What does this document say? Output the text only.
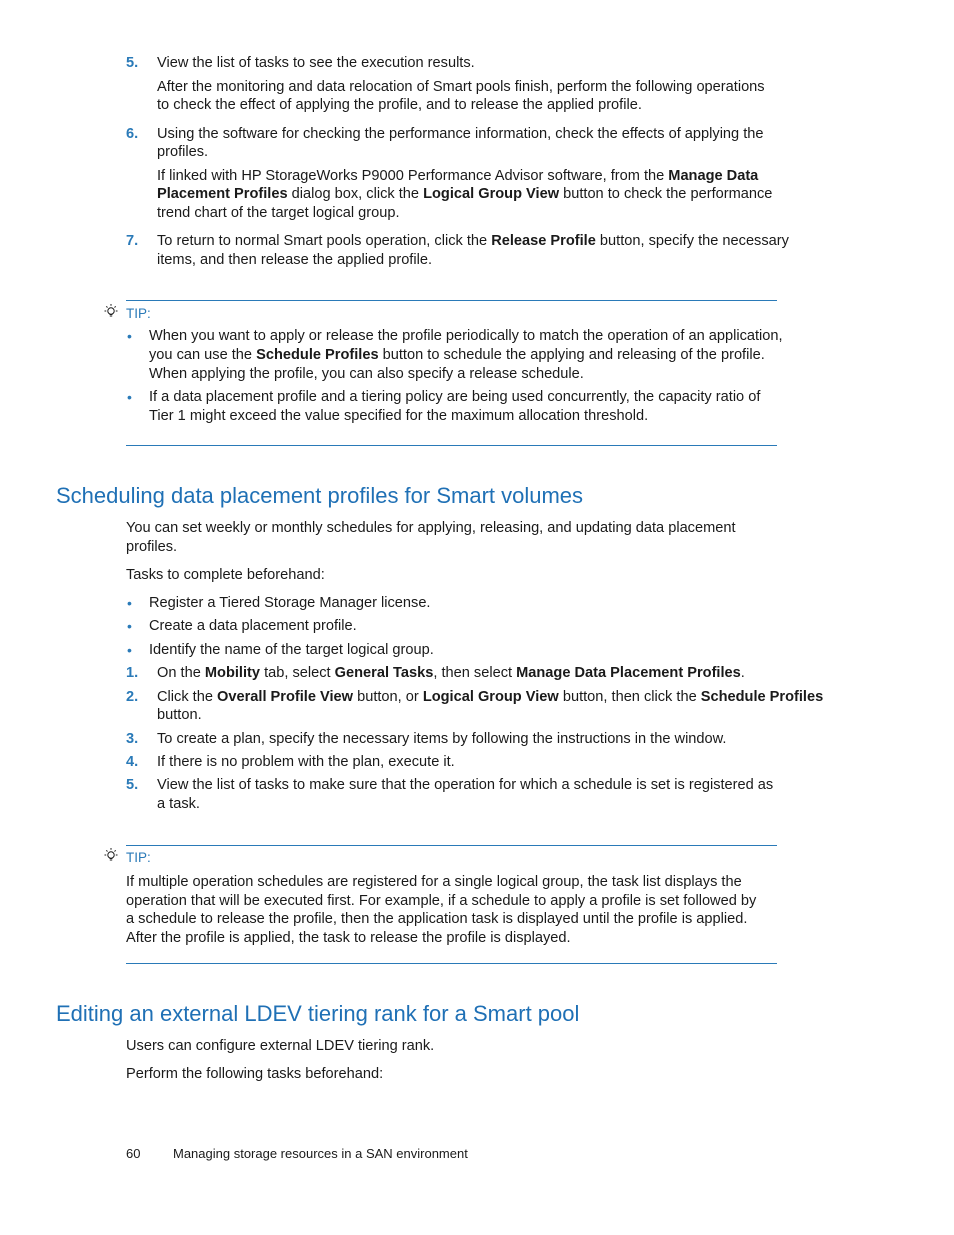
5. View the list of tasks to see the execution results.
After the monitoring and data relocation of Smart pools finish, perform the following operations
to check the effect of applying the profile, and to release the applied profile.
6. Using the software for checking the performance information, check the effects of applying the
profiles.
If linked with HP StorageWorks P9000 Performance Advisor software, from the Manage Data
Placement Profiles dialog box, click the Logical Group View button to check the performance
trend chart of the target logical group.
7. To return to normal Smart pools operation, click the Release Profile button, specify the necessary
items, and then release the applied profile.
TIP:
• When you want to apply or release the profile periodically to match the operation of an application,
you can use the Schedule Profiles button to schedule the applying and releasing of the profile.
When applying the profile, you can also specify a release schedule.
• If a data placement profile and a tiering policy are being used concurrently, the capacity ratio of
Tier 1 might exceed the value specified for the maximum allocation threshold.
Scheduling data placement profiles for Smart volumes
You can set weekly or monthly schedules for applying, releasing, and updating data placement
profiles.
Tasks to complete beforehand:
• Register a Tiered Storage Manager license.
• Create a data placement profile.
• Identify the name of the target logical group.
1. On the Mobility tab, select General Tasks, then select Manage Data Placement Profiles.
2. Click the Overall Profile View button, or Logical Group View button, then click the Schedule Profiles
button.
3. To create a plan, specify the necessary items by following the instructions in the window.
4. If there is no problem with the plan, execute it.
5. View the list of tasks to make sure that the operation for which a schedule is set is registered as
a task.
TIP:
If multiple operation schedules are registered for a single logical group, the task list displays the
operation that will be executed first. For example, if a schedule to apply a profile is set followed by
a schedule to release the profile, then the application task is displayed until the profile is applied.
After the profile is applied, the task to release the profile is displayed.
Editing an external LDEV tiering rank for a Smart pool
Users can configure external LDEV tiering rank.
Perform the following tasks beforehand:
60	Managing storage resources in a SAN environment
